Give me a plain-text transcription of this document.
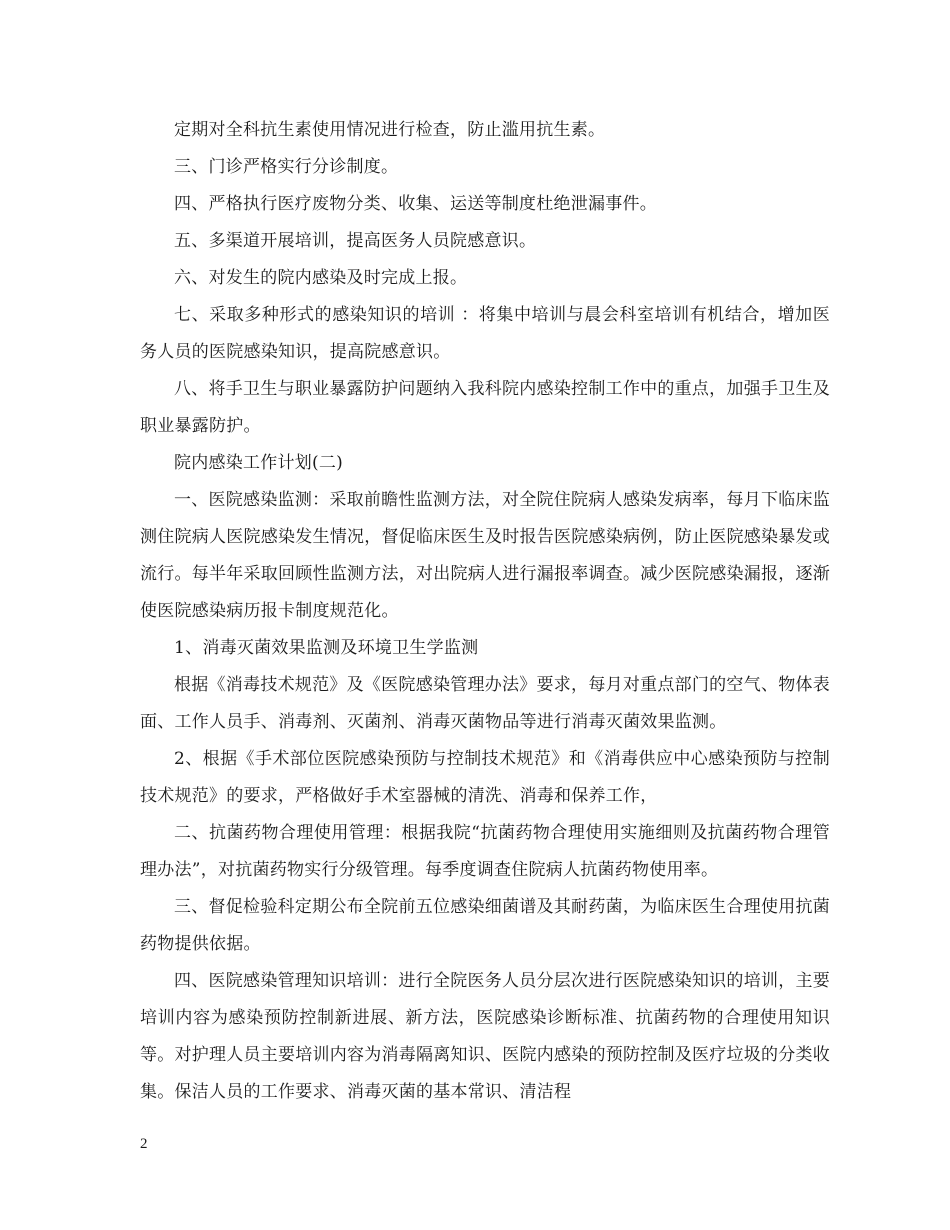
定期对全科抗生素使用情况进行检查，防止滥用抗生素。

三、门诊严格实行分诊制度。

四、严格执行医疗废物分类、收集、运送等制度杜绝泄漏事件。

五、多渠道开展培训，提高医务人员院感意识。

六、对发生的院内感染及时完成上报。

七、采取多种形式的感染知识的培训 ：将集中培训与晨会科室培训有机结合，增加医务人员的医院感染知识，提高院感意识。

八、将手卫生与职业暴露防护问题纳入我科院内感染控制工作中的重点，加强手卫生及职业暴露防护。

院内感染工作计划(二)

一、医院感染监测：采取前瞻性监测方法，对全院住院病人感染发病率，每月下临床监测住院病人医院感染发生情况，督促临床医生及时报告医院感染病例，防止医院感染暴发或流行。每半年采取回顾性监测方法，对出院病人进行漏报率调查。减少医院感染漏报，逐渐使医院感染病历报卡制度规范化。

1、消毒灭菌效果监测及环境卫生学监测

根据《消毒技术规范》及《医院感染管理办法》要求，每月对重点部门的空气、物体表面、工作人员手、消毒剂、灭菌剂、消毒灭菌物品等进行消毒灭菌效果监测。

2、根据《手术部位医院感染预防与控制技术规范》和《消毒供应中心感染预防与控制技术规范》的要求，严格做好手术室器械的清洗、消毒和保养工作，

二、抗菌药物合理使用管理：根据我院“抗菌药物合理使用实施细则及抗菌药物合理管理办法”，对抗菌药物实行分级管理。每季度调查住院病人抗菌药物使用率。

三、督促检验科定期公布全院前五位感染细菌谱及其耐药菌，为临床医生合理使用抗菌药物提供依据。

四、医院感染管理知识培训：进行全院医务人员分层次进行医院感染知识的培训，主要培训内容为感染预防控制新进展、新方法，医院感染诊断标准、抗菌药物的合理使用知识等。对护理人员主要培训内容为消毒隔离知识、医院内感染的预防控制及医疗垃圾的分类收集。保洁人员的工作要求、消毒灭菌的基本常识、清洁程

2
